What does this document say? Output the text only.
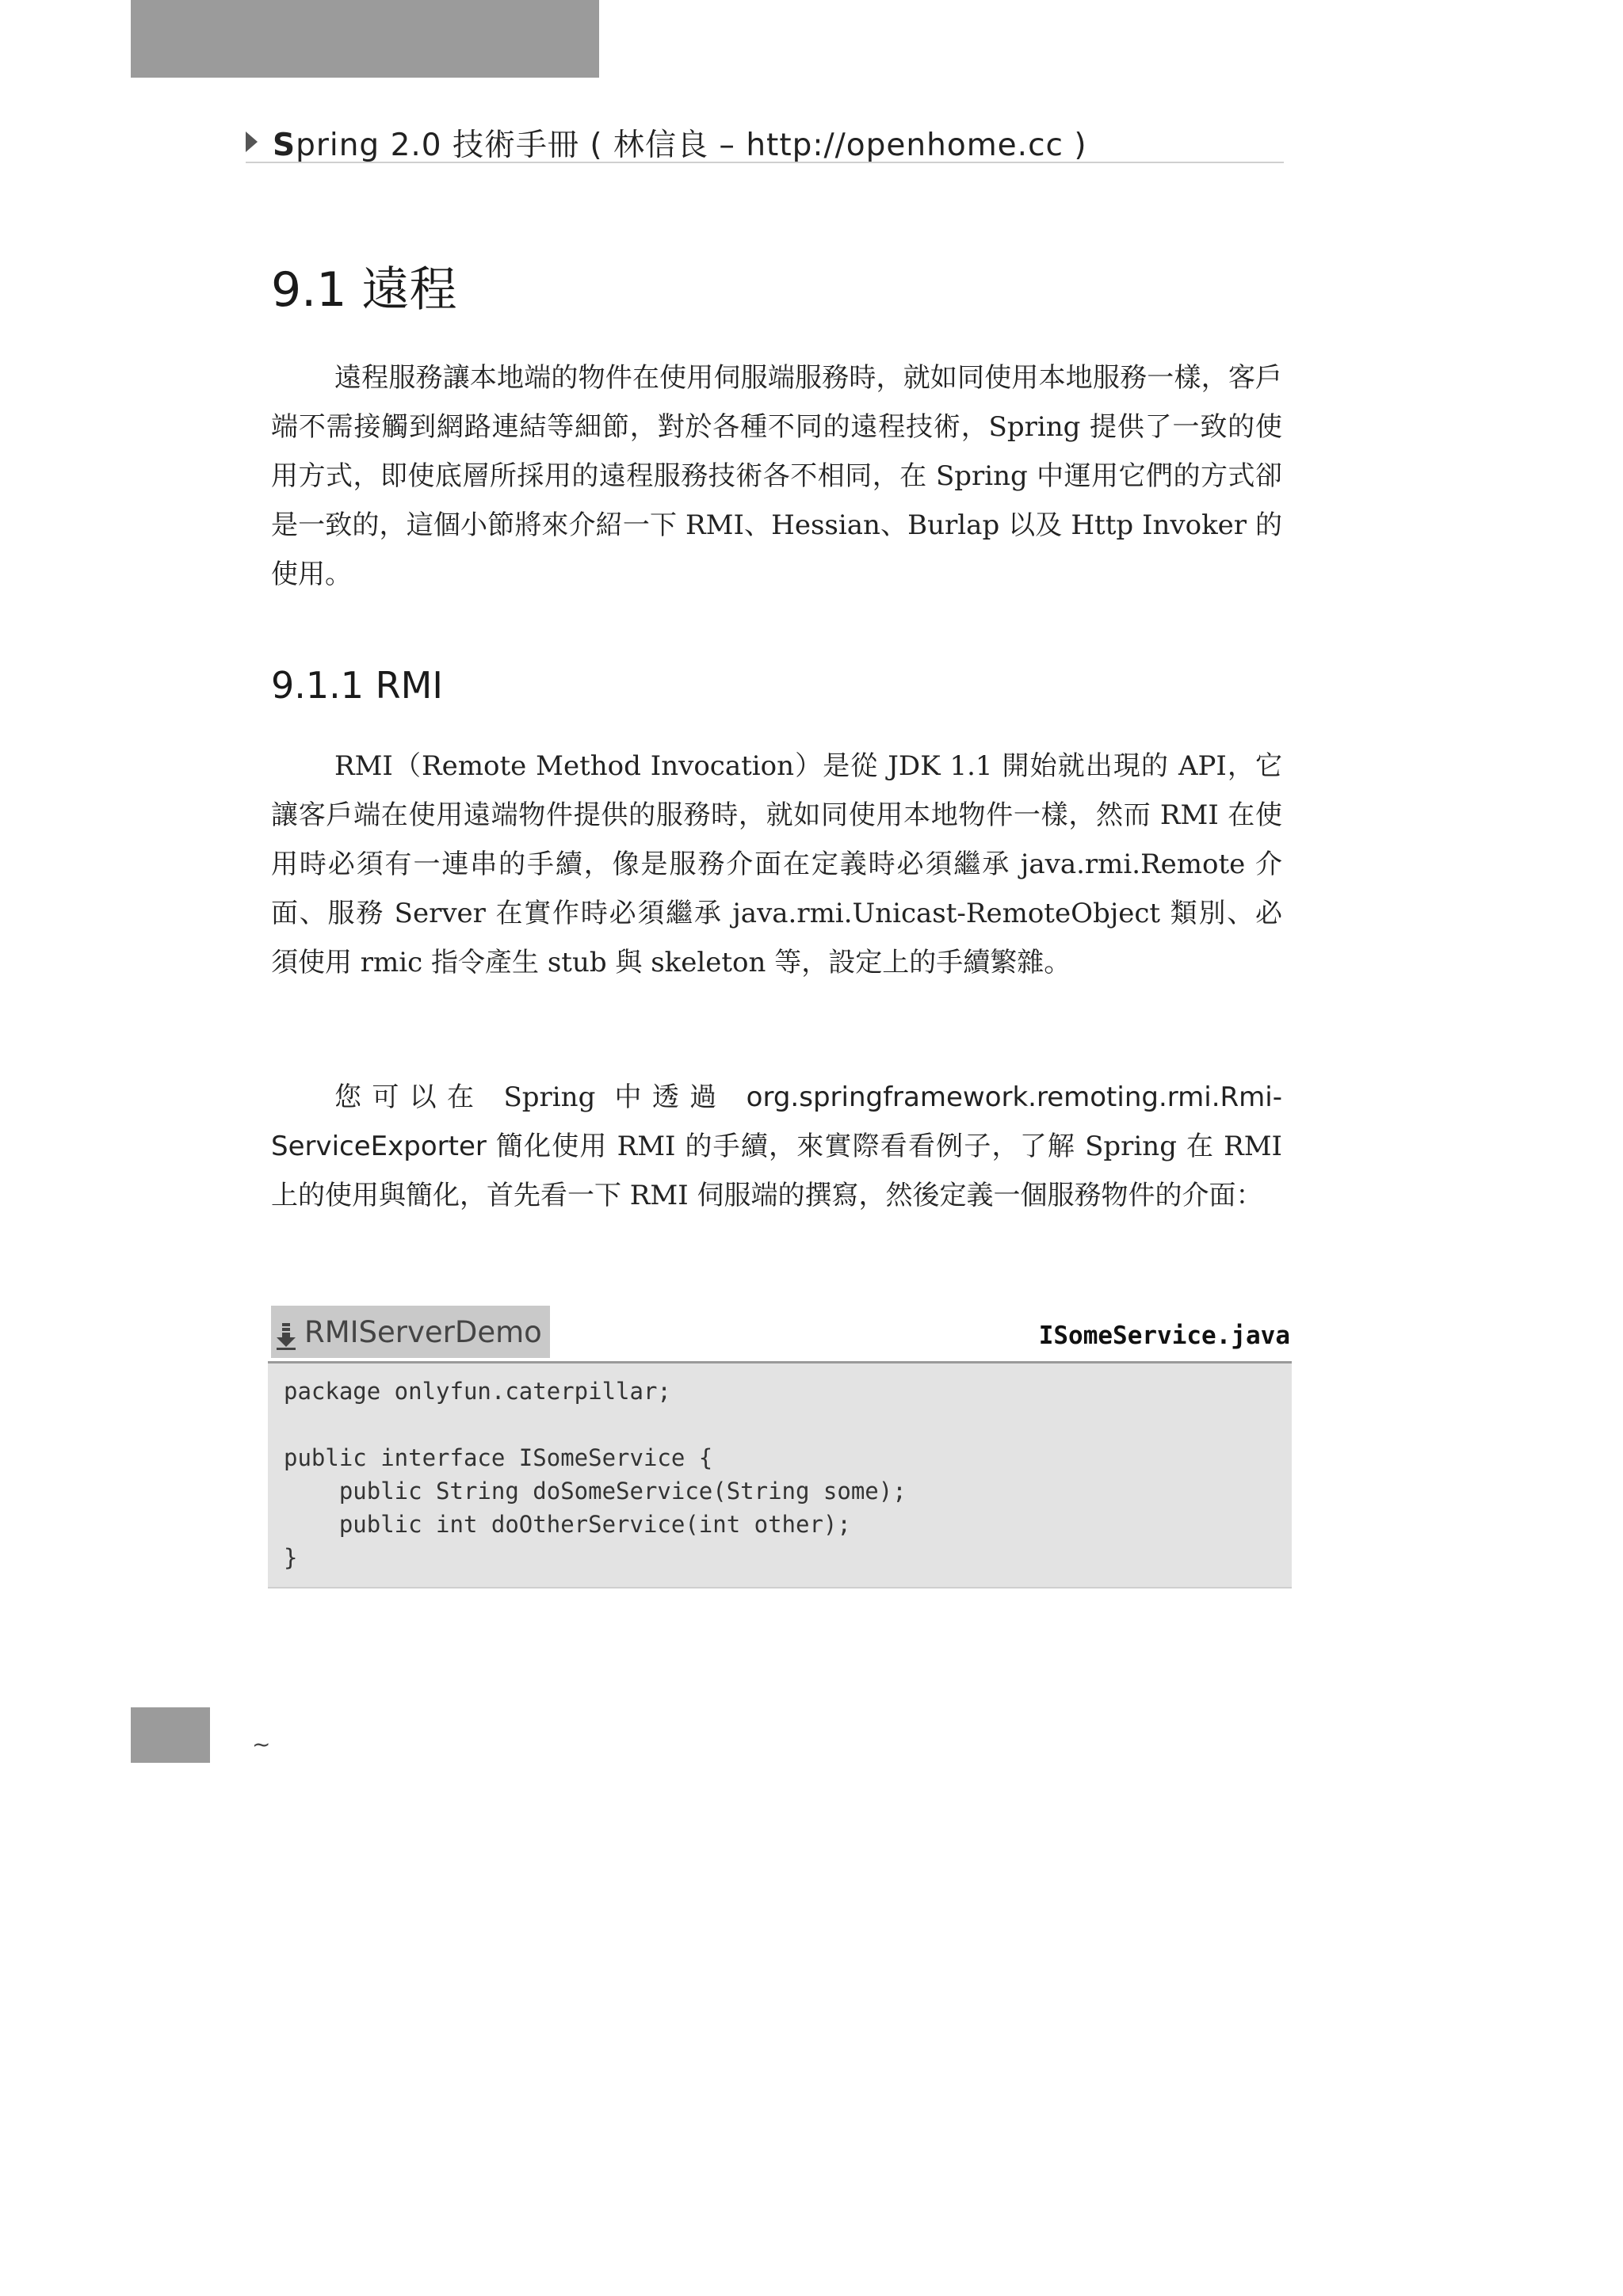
Spring 2.0 技術手冊 ( 林信良 – http://openhome.cc )
9.1 遠程
遠程服務讓本地端的物件在使用伺服端服務時，就如同使用本地服務一樣，客戶端不需接觸到網路連結等細節，對於各種不同的遠程技術，Spring 提供了一致的使用方式，即使底層所採用的遠程服務技術各不相同，在 Spring 中運用它們的方式卻是一致的，這個小節將來介紹一下 RMI、Hessian、Burlap 以及 Http Invoker 的使用。
9.1.1 RMI
RMI（Remote Method Invocation）是從 JDK 1.1 開始就出現的 API，它讓客戶端在使用遠端物件提供的服務時，就如同使用本地物件一樣，然而 RMI 在使用時必須有一連串的手續，像是服務介面在定義時必須繼承 java.rmi.Remote 介面、服務 Server 在實作時必須繼承 java.rmi.Unicast-RemoteObject 類別、必須使用 rmic 指令產生 stub 與 skeleton 等，設定上的手續繁雜。
您可以在 Spring 中透過 org.springframework.remoting.rmi.Rmi-ServiceExporter 簡化使用 RMI 的手續，來實際看看例子，了解 Spring 在 RMI 上的使用與簡化，首先看一下 RMI 伺服端的撰寫，然後定義一個服務物件的介面：
RMIServerDemo	ISomeService.java
package onlyfun.caterpillar;

public interface ISomeService {
public String doSomeService(String some);
public int doOtherService(int other);
}
~
